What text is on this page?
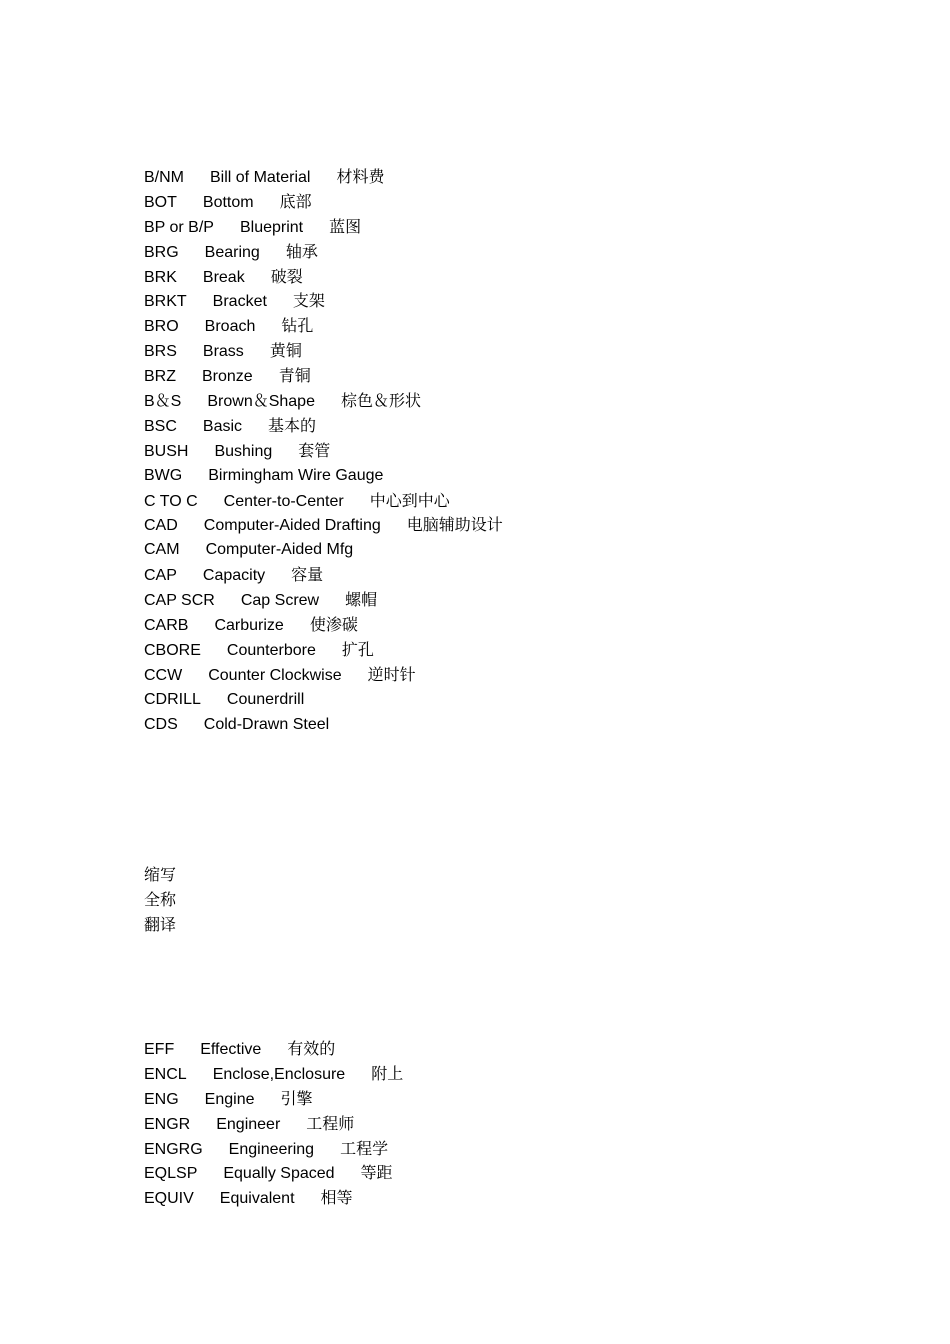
B/NM Bill of Material 材料费
BOT Bottom 底部
BP or B/P Blueprint 蓝图
BRG Bearing 轴承
BRK Break 破裂
BRKT Bracket 支架
BRO Broach 钻孔
BRS Brass 黄铜
BRZ Bronze 青铜
B＆S Brown＆Shape 棕色＆形状
BSC Basic 基本的
BUSH Bushing 套管
BWG Birmingham Wire Gauge
C TO C Center-to-Center 中心到中心
CAD Computer-Aided Drafting 电脑辅助设计
CAM Computer-Aided Mfg
CAP Capacity 容量
CAP SCR Cap Screw 螺帽
CARB Carburize 使渗碳
CBORE Counterbore 扩孔
CCW Counter Clockwise 逆时针
CDRILL Counerdrill
CDS Cold-Drawn Steel
缩写
全称
翻译
EFF Effective 有效的
ENCL Enclose,Enclosure 附上
ENG Engine 引擎
ENGR Engineer 工程师
ENGRG Engineering 工程学
EQLSP Equally Spaced 等距
EQUIV Equivalent 相等
